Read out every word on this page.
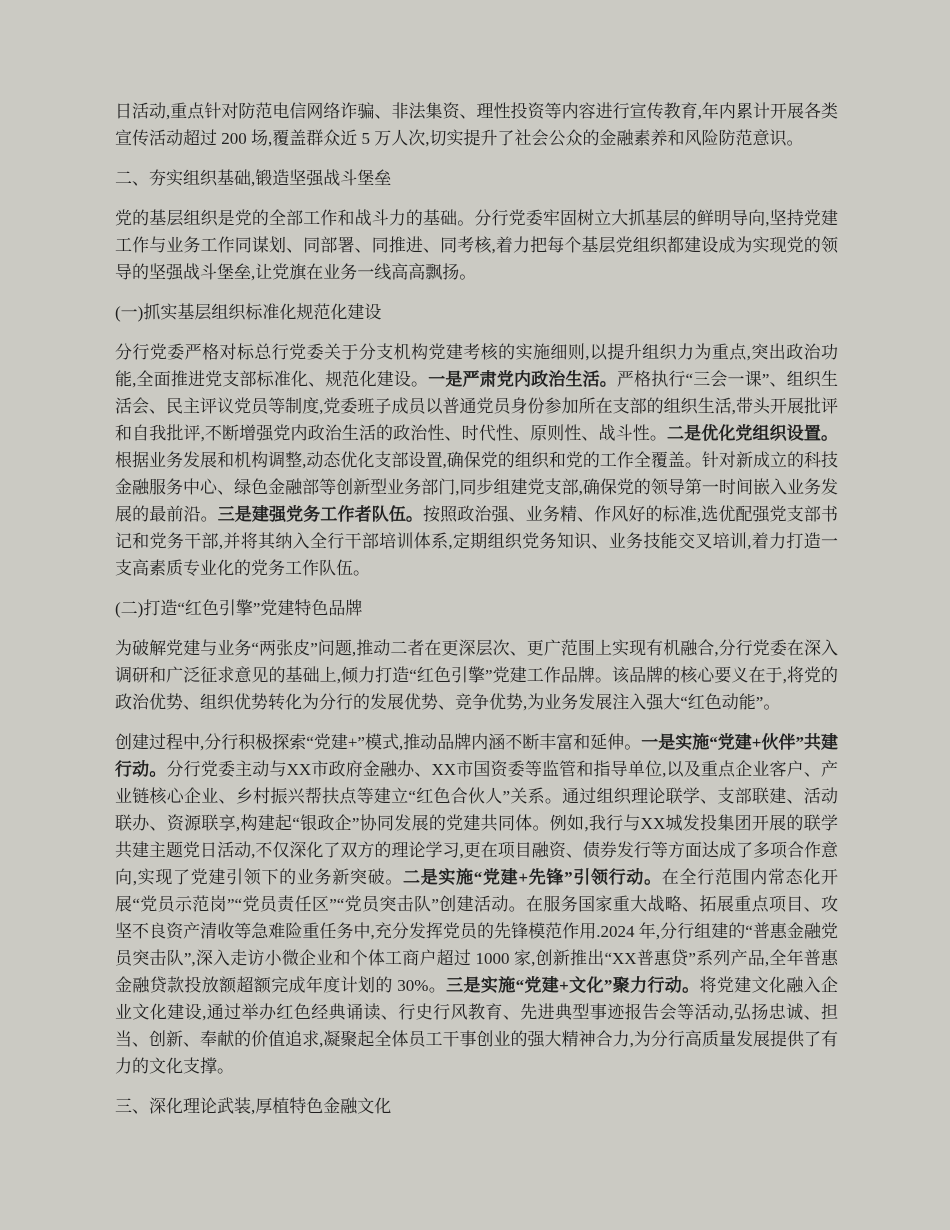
日活动,重点针对防范电信网络诈骗、非法集资、理性投资等内容进行宣传教育,年内累计开展各类宣传活动超过 200 场,覆盖群众近 5 万人次,切实提升了社会公众的金融素养和风险防范意识。

二、夯实组织基础,锻造坚强战斗堡垒

党的基层组织是党的全部工作和战斗力的基础。分行党委牢固树立大抓基层的鲜明导向,坚持党建工作与业务工作同谋划、同部署、同推进、同考核,着力把每个基层党组织都建设成为实现党的领导的坚强战斗堡垒,让党旗在业务一线高高飘扬。

(一)抓实基层组织标准化规范化建设

分行党委严格对标总行党委关于分支机构党建考核的实施细则,以提升组织力为重点,突出政治功能,全面推进党支部标准化、规范化建设。一是严肃党内政治生活。严格执行“三会一课”、组织生活会、民主评议党员等制度,党委班子成员以普通党员身份参加所在支部的组织生活,带头开展批评和自我批评,不断增强党内政治生活的政治性、时代性、原则性、战斗性。二是优化党组织设置。根据业务发展和机构调整,动态优化支部设置,确保党的组织和党的工作全覆盖。针对新成立的科技金融服务中心、绿色金融部等创新型业务部门,同步组建党支部,确保党的领导第一时间嵌入业务发展的最前沿。三是建强党务工作者队伍。按照政治强、业务精、作风好的标准,选优配强党支部书记和党务干部,并将其纳入全行干部培训体系,定期组织党务知识、业务技能交叉培训,着力打造一支高素质专业化的党务工作队伍。

(二)打造“红色引擎”党建特色品牌

为破解党建与业务“两张皮”问题,推动二者在更深层次、更广范围上实现有机融合,分行党委在深入调研和广泛征求意见的基础上,倾力打造“红色引擎”党建工作品牌。该品牌的核心要义在于,将党的政治优势、组织优势转化为分行的发展优势、竞争优势,为业务发展注入强大“红色动能”。

创建过程中,分行积极探索“党建+”模式,推动品牌内涵不断丰富和延伸。一是实施“党建+伙伴”共建行动。分行党委主动与XX市政府金融办、XX市国资委等监管和指导单位,以及重点企业客户、产业链核心企业、乡村振兴帮扶点等建立“红色合伙人”关系。通过组织理论联学、支部联建、活动联办、资源联享,构建起“银政企”协同发展的党建共同体。例如,我行与XX城发投集团开展的联学共建主题党日活动,不仅深化了双方的理论学习,更在项目融资、债券发行等方面达成了多项合作意向,实现了党建引领下的业务新突破。二是实施“党建+先锋”引领行动。在全行范围内常态化开展“党员示范岗”“党员责任区”“党员突击队”创建活动。在服务国家重大战略、拓展重点项目、攻坚不良资产清收等急难险重任务中,充分发挥党员的先锋模范作用.2024 年,分行组建的“普惠金融党员突击队”,深入走访小微企业和个体工商户超过 1000 家,创新推出“XX普惠贷”系列产品,全年普惠金融贷款投放额超额完成年度计划的 30%。三是实施“党建+文化”聚力行动。将党建文化融入企业文化建设,通过举办红色经典诵读、行史行风教育、先进典型事迹报告会等活动,弘扬忠诚、担当、创新、奉献的价值追求,凝聚起全体员工干事创业的强大精神合力,为分行高质量发展提供了有力的文化支撑。

三、深化理论武装,厚植特色金融文化
